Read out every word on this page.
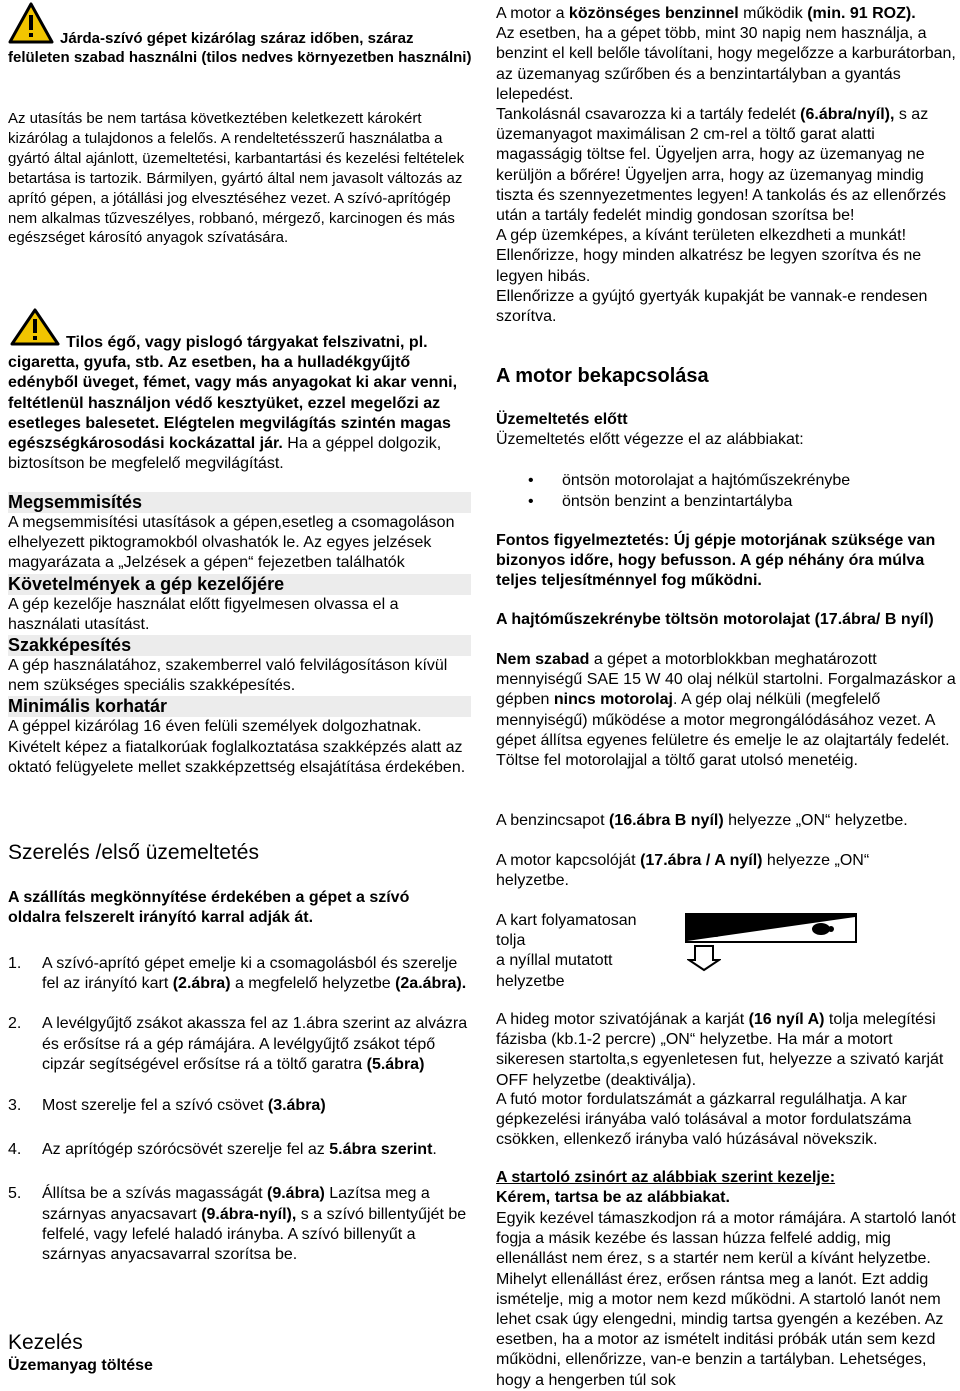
Járda-szívó gépet kizárólag száraz időben, száraz felületen szabad használni (tilos nedves környezetben használni)

Az utasítás be nem tartása következtében keletkezett károkért kizárólag a tulajdonos a felelős. A rendeltetésszerű használatba a gyártó által ajánlott, üzemeltetési, karbantartási és kezelési feltételek betartása is tartozik. Bármilyen, gyártó által nem javasolt változás az aprító gépen, a jótállási jog elvesztéséhez vezet. A szívó-aprítógép nem alkalmas tűzveszélyes, robbanó, mérgező, karcinogen és más egészséget károsító anyagok szívatására.

Tilos égő, vagy pislogó tárgyakat felszivatni, pl. cigaretta, gyufa, stb. Az esetben, ha a hulladékgyűjtő edényből üveget, fémet, vagy más anyagokat ki akar venni, feltétlenül használjon védő kesztyüket, ezzel megelőzi az esetleges balesetet. Elégtelen megvilágítás szintén magas egészségkárosodási kockázattal jár. Ha a géppel dolgozik, biztosítson be megfelelő megvilágítást.

Megsemmisítés

A megsemmisítési utasítások a gépen,esetleg a csomagoláson elhelyezett piktogramokból olvashatók le. Az egyes jelzések magyarázata a „Jelzések a gépen“ fejezetben találhatók

Követelmények a gép kezelőjére

A gép kezelője használat előtt figyelmesen olvassa el a használati utasítást.

Szakképesítés

A gép használatához, szakemberrel való felvilágosításon kívül nem szükséges speciális szakképesítés.

Minimális korhatár

A géppel kizárólag 16 éven felüli személyek dolgozhatnak. Kivételt képez a fiatalkorúak foglalkoztatása szakképzés alatt az oktató felügyelete mellet szakképzettség elsajátítása érdekében.

Szerelés /első üzemeltetés

A szállítás megkönnyítése érdekében a gépet a szívó oldalra felszerelt irányító karral adják át.

1. A szívó-aprító gépet emelje ki a csomagolásból és szerelje fel az irányító kart (2.ábra) a megfelelő helyzetbe (2a.ábra).
2. A levélgyűjtő zsákot akassza fel az 1.ábra szerint az alvázra és erősítse rá a gép rámájára. A levélgyűjtő zsákot tépő cipzár segítségével erősítse rá a töltő garatra (5.ábra)
3. Most szerelje fel a szívó csövet (3.ábra)
4. Az aprítógép szórócsövét szerelje fel az 5.ábra szerint.
5. Állítsa be a szívás magasságát (9.ábra) Lazítsa meg a szárnyas anyacsavart (9.ábra-nyíl), s a szívó billentyűjét be felfelé, vagy lefelé haladó irányba. A szívó billenyűt a szárnyas anyacsavarral szorítsa be.

Kezelés

Üzemanyag töltése

A motor a közönséges benzinnel működik (min. 91 ROZ).

Az esetben, ha a gépet több, mint 30 napig nem használja, a benzint el kell belőle távolítani, hogy megelőzze a karburátorban, az üzemanyag szűrőben és a benzintartályban a gyantás lelepedést.

Tankolásnál csavarozza ki a tartály fedelét (6.ábra/nyíl), s az üzemanyagot maximálisan 2 cm-rel a töltő garat alatti magasságig töltse fel. Ügyeljen arra, hogy az üzemanyag ne kerüljön a bőrére! Ügyeljen arra, hogy az üzemanyag mindig tiszta és szennyezetmentes legyen! A tankolás és az ellenőrzés után a tartály fedelét mindig gondosan szorítsa be!

A gép üzemképes, a kívánt területen elkezdheti a munkát! Ellenőrizze, hogy minden alkatrész be legyen szorítva és ne legyen hibás.

Ellenőrizze a gyújtó gyertyák kupakját be vannak-e rendesen szorítva.

A motor bekapcsolása

Üzemeltetés előtt

Üzemeltetés előtt végezze el az alábbiakat:

• öntsön motorolajat a hajtóműszekrénybe
• öntsön benzint a benzintartályba

Fontos figyelmeztetés: Új gépje motorjának szüksége van bizonyos időre, hogy befusson. A gép néhány óra múlva teljes teljesítménnyel fog működni.

A hajtóműszekrénybe töltsön motorolajat (17.ábra/ B nyíl)

Nem szabad a gépet a motorblokkban meghatározott mennyiségű SAE 15 W 40 olaj nélkül startolni. Forgalmazáskor a gépben nincs motorolaj. A gép olaj nélküli (megfelelő mennyiségű) működése a motor megrongálódásához vezet. A gépet állítsa egyenes felületre és emelje le az olajtartály fedelét. Töltse fel motorolajjal a töltő garat utolsó menetéig.

A benzincsapot (16.ábra B nyíl) helyezze „ON“ helyzetbe.

A motor kapcsolóját (17.ábra / A nyíl) helyezze „ON“ helyzetbe.

A kart folyamatosan

tolja

a nyíllal mutatott

helyzetbe

A hideg motor szivatójának a karját (16 nyíl A) tolja melegítési fázisba (kb.1-2 percre) „ON“ helyzetbe. Ha már a motort sikeresen startolta,s egyenletesen fut, helyezze a szivató karját OFF helyzetbe (deaktiválja).

A futó motor fordulatszámát a gázkarral regulálhatja. A kar gépkezelési irányába való tolásával a motor fordulatszáma csökken, ellenkező irányba való húzásával növekszik.

A startoló zsinórt az alábbiak szerint kezelje:

Kérem, tartsa be az alábbiakat.

Egyik kezével támaszkodjon rá a motor rámájára. A startoló lanót fogja a másik kezébe és lassan húzza felfelé addig, mig ellenállást nem érez, s a startér nem kerül a kívánt helyzetbe. Mihelyt ellenállást érez, erősen rántsa meg a lanót. Ezt addig ismételje, mig a motor nem kezd működni. A startoló lanót nem lehet csak úgy elengedni, mindig tartsa gyengén a kezében. Az esetben, ha a motor az ismételt inditási próbák után sem kezd működni, ellenőrizze, van-e benzin a tartályban. Lehetséges, hogy a hengerben túl sok
